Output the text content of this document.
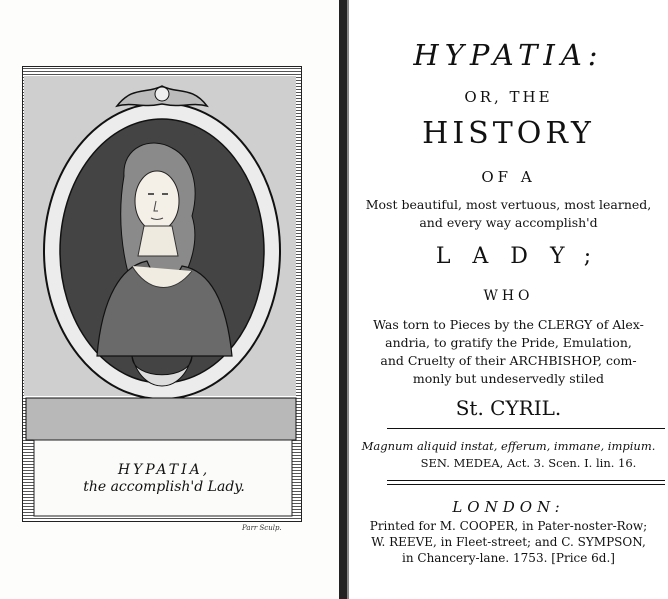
HYPATIA,
the accomplish'd Lady.
Parr Sculp.
HYPATIA:
OR, THE
HISTORY
OF A
Most beautiful, most vertuous, most learned,
and every way accomplish'd
LADY;
WHO
Was torn to Pieces by the CLERGY of Alex-
andria, to gratify the Pride, Emulation,
and Cruelty of their ARCHBISHOP, com-
monly but undeservedly stiled
St. CYRIL.
Magnum aliquid instat, efferum, immane, impium.
SEN. MEDEA, Act. 3. Scen. I. lin. 16.
LONDON:
Printed for M. COOPER, in Pater-noster-Row;
W. REEVE, in Fleet-street; and C. SYMPSON,
in Chancery-lane. 1753. [Price 6d.]
